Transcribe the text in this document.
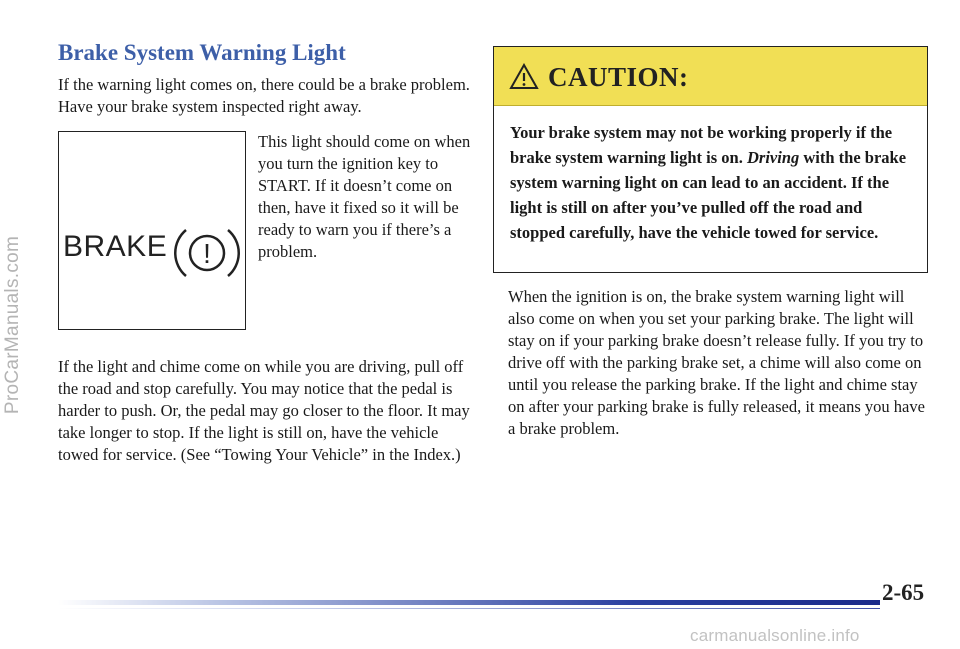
ProCarManuals.com
Brake System Warning Light

If the warning light comes on, there could be a brake problem. Have your brake system inspected right away.

BRAKE !

This light should come on when you turn the ignition key to START. If it doesn’t come on then, have it fixed so it will be ready to warn you if there’s a problem.

If the light and chime come on while you are driving, pull off the road and stop carefully. You may notice that the pedal is harder to push. Or, the pedal may go closer to the floor. It may take longer to stop. If the light is still on, have the vehicle towed for service. (See “Towing Your Vehicle” in the Index.)

CAUTION:

Your brake system may not be working properly if the brake system warning light is on. Driving with the brake system warning light on can lead to an accident. If the light is still on after you’ve pulled off the road and stopped carefully, have the vehicle towed for service.

When the ignition is on, the brake system warning light will also come on when you set your parking brake. The light will stay on if your parking brake doesn’t release fully. If you try to drive off with the parking brake set, a chime will also come on until you release the parking brake. If the light and chime stay on after your parking brake is fully released, it means you have a brake problem.

2-65
carmanualsonline.info
